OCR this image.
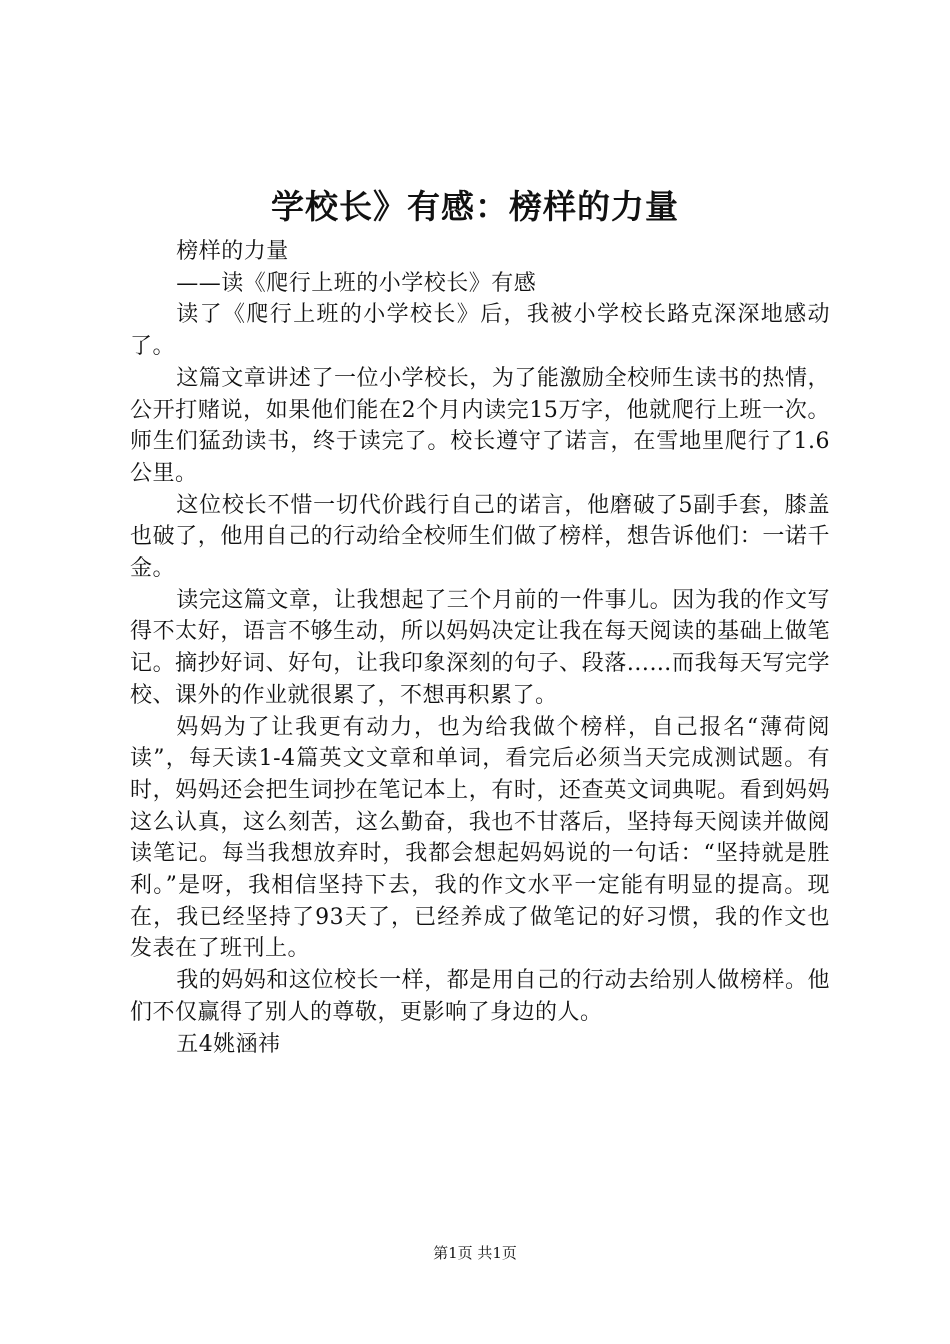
学校长》有感：榜样的力量

榜样的力量

——读《爬行上班的小学校长》有感

读了《爬行上班的小学校长》后，我被小学校长路克深深地感动了。

这篇文章讲述了一位小学校长，为了能激励全校师生读书的热情，公开打赌说，如果他们能在2个月内读完15万字，他就爬行上班一次。师生们猛劲读书，终于读完了。校长遵守了诺言，在雪地里爬行了1.6公里。

这位校长不惜一切代价践行自己的诺言，他磨破了5副手套，膝盖也破了，他用自己的行动给全校师生们做了榜样，想告诉他们：一诺千金。

读完这篇文章，让我想起了三个月前的一件事儿。因为我的作文写得不太好，语言不够生动，所以妈妈决定让我在每天阅读的基础上做笔记。摘抄好词、好句，让我印象深刻的句子、段落...…而我每天写完学校、课外的作业就很累了，不想再积累了。

妈妈为了让我更有动力，也为给我做个榜样，自己报名“薄荷阅读”，每天读1-4篇英文文章和单词，看完后必须当天完成测试题。有时，妈妈还会把生词抄在笔记本上，有时，还查英文词典呢。看到妈妈这么认真，这么刻苦，这么勤奋，我也不甘落后，坚持每天阅读并做阅读笔记。每当我想放弃时，我都会想起妈妈说的一句话：“坚持就是胜利。”是呀，我相信坚持下去，我的作文水平一定能有明显的提高。现在，我已经坚持了93天了，已经养成了做笔记的好习惯，我的作文也发表在了班刊上。

我的妈妈和这位校长一样，都是用自己的行动去给别人做榜样。他们不仅赢得了别人的尊敬，更影响了身边的人。

五4姚涵祎

第1页 共1页
